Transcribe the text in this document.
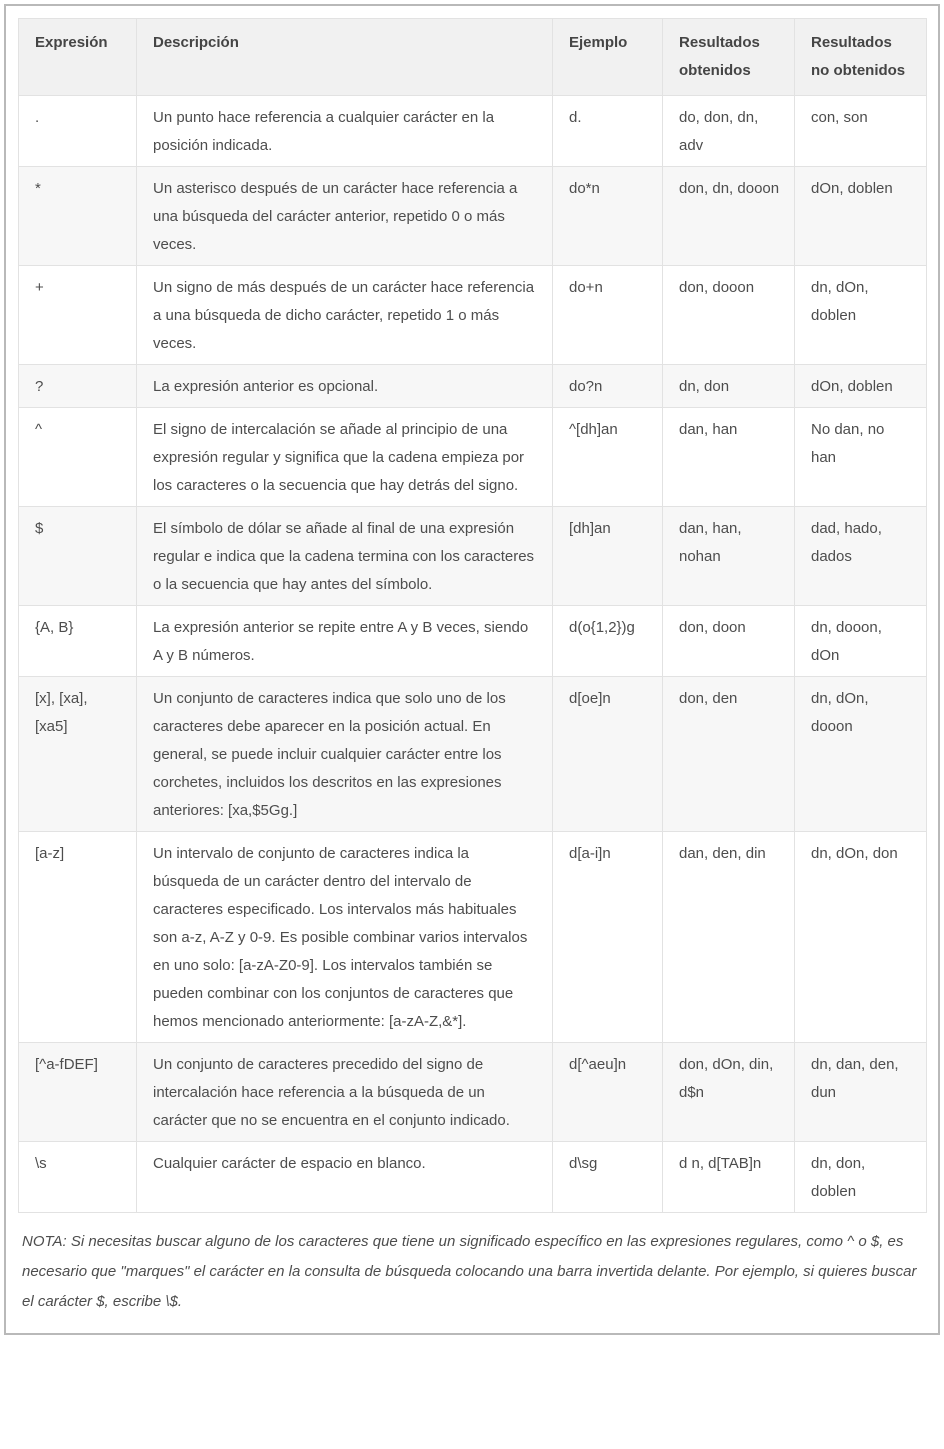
Expresión	Descripción	Ejemplo	Resultados obtenidos	Resultados no obtenidos
.	Un punto hace referencia a cualquier carácter en la posición indicada.	d.	do, don, dn, adv	con, son
*	Un asterisco después de un carácter hace referencia a una búsqueda del carácter anterior, repetido 0 o más veces.	do*n	don, dn, dooon	dOn, doblen
+	Un signo de más después de un carácter hace referencia a una búsqueda de dicho carácter, repetido 1 o más veces.	do+n	don, dooon	dn, dOn, doblen
?	La expresión anterior es opcional.	do?n	dn, don	dOn, doblen
^	El signo de intercalación se añade al principio de una expresión regular y significa que la cadena empieza por los caracteres o la secuencia que hay detrás del signo.	^[dh]an	dan, han	No dan, no han
$	El símbolo de dólar se añade al final de una expresión regular e indica que la cadena termina con los caracteres o la secuencia que hay antes del símbolo.	[dh]an	dan, han, nohan	dad, hado, dados
{A, B}	La expresión anterior se repite entre A y B veces, siendo A y B números.	d(o{1,2})g	don, doon	dn, dooon, dOn
[x], [xa], [xa5]	Un conjunto de caracteres indica que solo uno de los caracteres debe aparecer en la posición actual. En general, se puede incluir cualquier carácter entre los corchetes, incluidos los descritos en las expresiones anteriores: [xa,$5Gg.]	d[oe]n	don, den	dn, dOn, dooon
[a-z]	Un intervalo de conjunto de caracteres indica la búsqueda de un carácter dentro del intervalo de caracteres especificado. Los intervalos más habituales son a-z, A-Z y 0-9. Es posible combinar varios intervalos en uno solo: [a-zA-Z0-9]. Los intervalos también se pueden combinar con los conjuntos de caracteres que hemos mencionado anteriormente: [a-zA-Z,&*].	d[a-i]n	dan, den, din	dn, dOn, don
[^a-fDEF]	Un conjunto de caracteres precedido del signo de intercalación hace referencia a la búsqueda de un carácter que no se encuentra en el conjunto indicado.	d[^aeu]n	don, dOn, din, d$n	dn, dan, den, dun
\s	Cualquier carácter de espacio en blanco.	d\sg	d n, d[TAB]n	dn, don, doblen

NOTA: Si necesitas buscar alguno de los caracteres que tiene un significado específico en las expresiones regulares, como ^ o $, es necesario que "marques" el carácter en la consulta de búsqueda colocando una barra invertida delante. Por ejemplo, si quieres buscar el carácter $, escribe \$.
